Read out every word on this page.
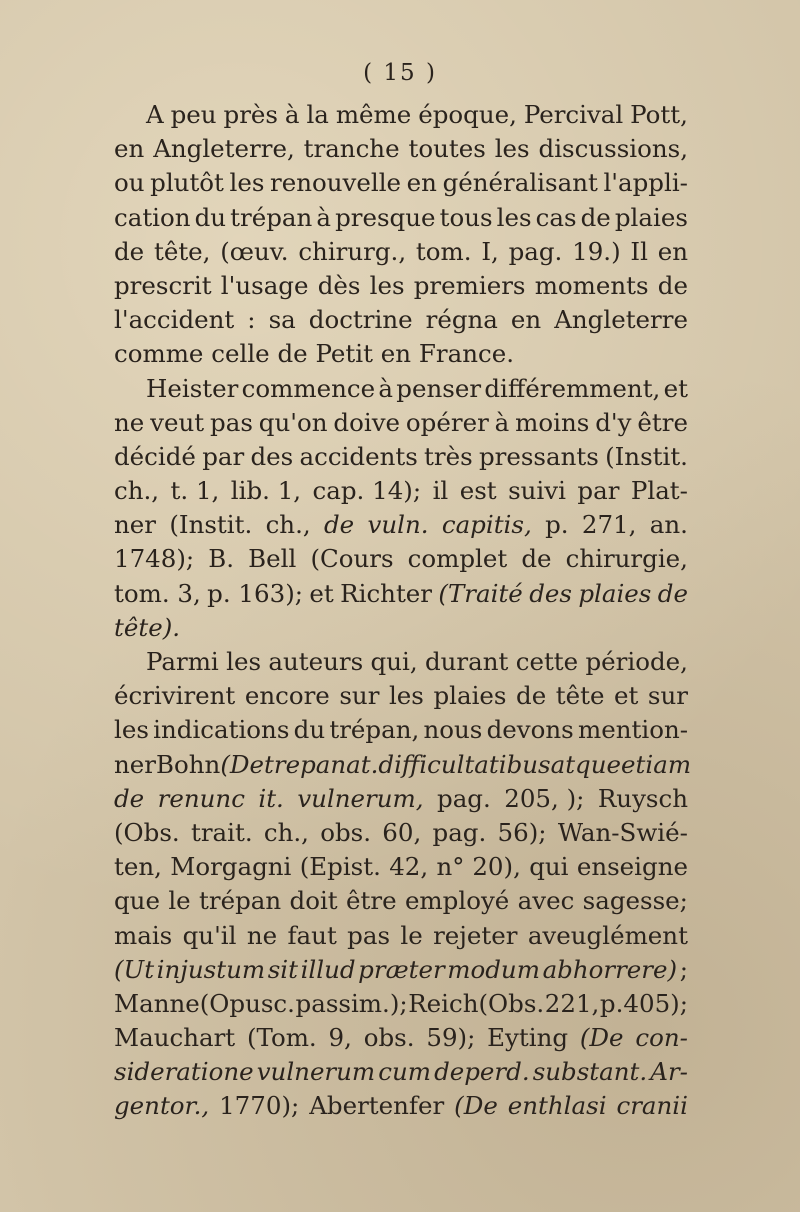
( 15 )
A peu près à la même époque, Percival Pott,
en Angleterre, tranche toutes les discussions,
ou plutôt les renouvelle en généralisant l'appli-
cation du trépan à presque tous les cas de plaies
de tête, (œuv. chirurg., tom. I, pag. 19.) Il en
prescrit l'usage dès les premiers moments de
l'accident : sa doctrine régna en Angleterre
comme celle de Petit en France.
Heister commence à penser différemment, et
ne veut pas qu'on doive opérer à moins d'y être
décidé par des accidents très pressants (Instit.
ch., t. 1, lib. 1, cap. 14); il est suivi par Plat-
ner (Instit. ch., de vuln. capitis, p. 271, an.
1748); B. Bell (Cours complet de chirurgie,
tom. 3, p. 163); et Richter (Traité des plaies de
tête).
Parmi les auteurs qui, durant cette période,
écrivirent encore sur les plaies de tête et sur
les indications du trépan, nous devons mention-
ner Bohn (De trepanat. difficultatibus atque etiam
de renunc it. vulnerum, pag. 205, ); Ruysch
(Obs. trait. ch., obs. 60, pag. 56); Wan-Swié-
ten, Morgagni (Epist. 42, n° 20), qui enseigne
que le trépan doit être employé avec sagesse;
mais qu'il ne faut pas le rejeter aveuglément
(Ut injustum sit illud præter modum abhorrere) ;
Manne(Opusc. passim.); Reich(Obs. 221, p.405);
Mauchart (Tom. 9, obs. 59); Eyting (De con-
sideratione vulnerum cum deperd. substant. Ar-
gentor., 1770); Abertenfer (De enthlasi cranii
